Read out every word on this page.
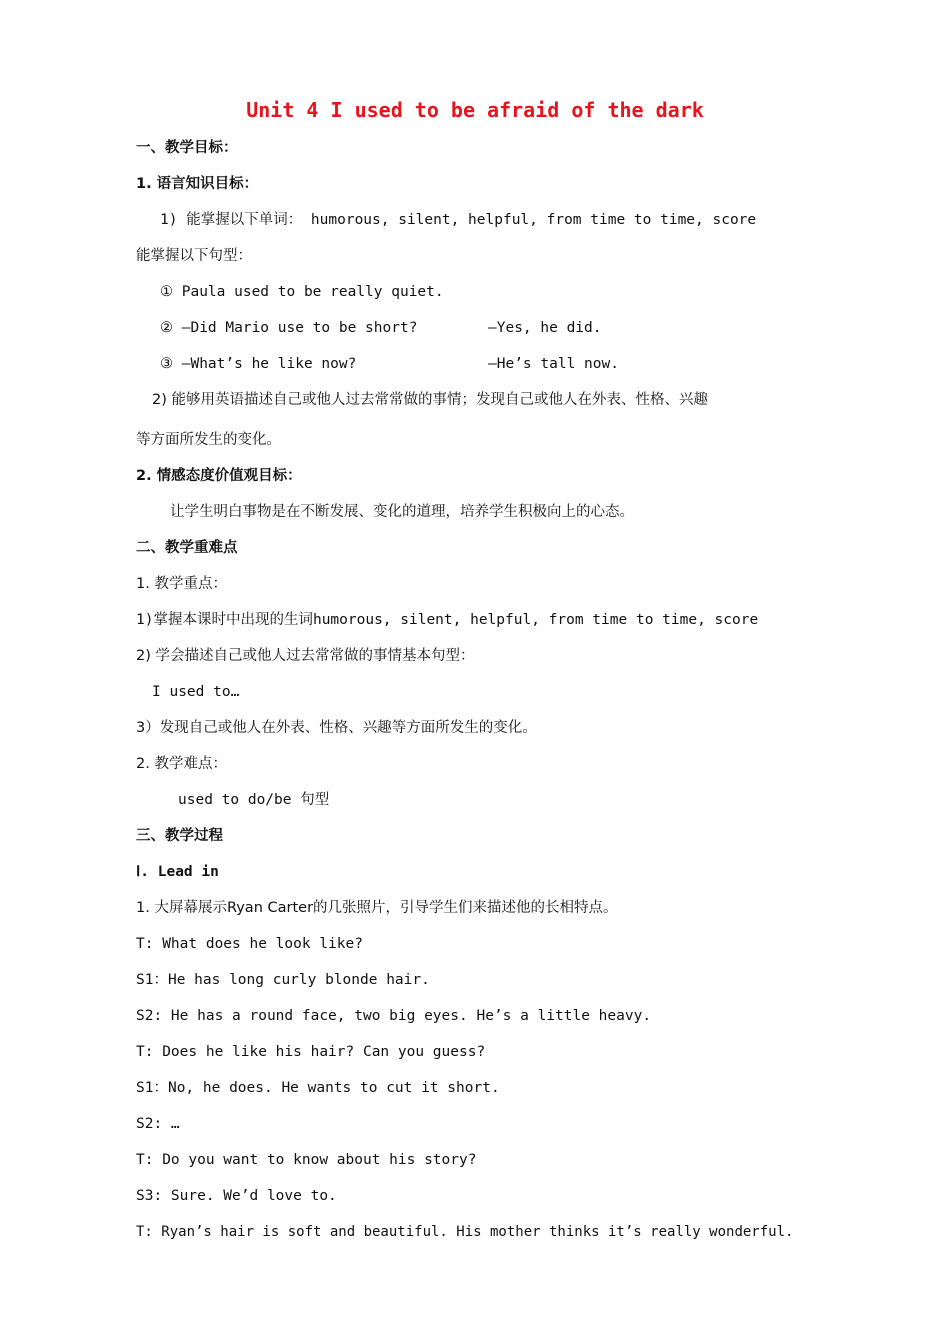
Unit 4 I used to be afraid of the dark
一、教学目标：
1. 语言知识目标：
1) 能掌握以下单词： humorous, silent, helpful, from time to time, score
能掌握以下句型：
① Paula used to be really quiet.
② —Did Mario use to be short?	—Yes, he did.
③ —What’s he like now?	—He’s tall now.
2) 能够用英语描述自己或他人过去常常做的事情；发现自己或他人在外表、性格、兴趣
等方面所发生的变化。
2. 情感态度价值观目标：
让学生明白事物是在不断发展、变化的道理，培养学生积极向上的心态。
二、教学重难点
1. 教学重点：
1)掌握本课时中出现的生词humorous, silent, helpful, from time to time, score
2) 学会描述自己或他人过去常常做的事情基本句型：
I used to…
3）发现自己或他人在外表、性格、兴趣等方面所发生的变化。
2. 教学难点：
used to do/be 句型
三、教学过程
Ⅰ. Lead in
1. 大屏幕展示Ryan Carter的几张照片，引导学生们来描述他的长相特点。
T: What does he look like?
S1：He has long curly blonde hair.
S2: He has a round face, two big eyes. He’s a little heavy.
T: Does he like his hair? Can you guess?
S1：No, he does. He wants to cut it short.
S2: …
T: Do you want to know about his story?
S3: Sure. We’d love to.
T: Ryan’s hair is soft and beautiful. His mother thinks it’s really wonderful.
